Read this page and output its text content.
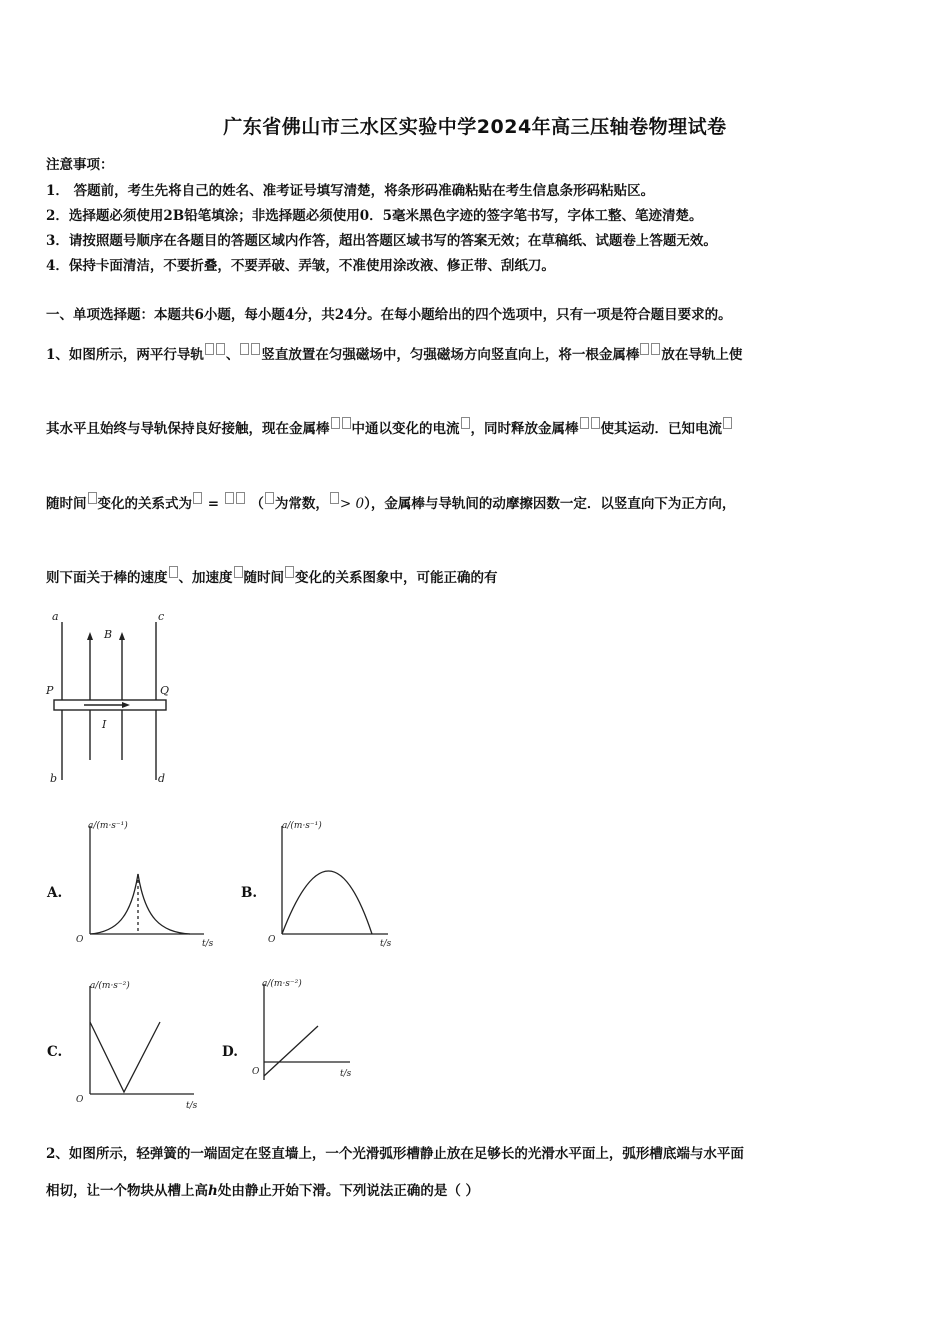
广东省佛山市三水区实验中学2024年高三压轴卷物理试卷
注意事项：
1． 答题前，考生先将自己的姓名、准考证号填写清楚，将条形码准确粘贴在考生信息条形码粘贴区。
2．选择题必须使用2B铅笔填涂；非选择题必须使用0．5毫米黑色字迹的签字笔书写，字体工整、笔迹清楚。
3．请按照题号顺序在各题目的答题区域内作答，超出答题区域书写的答案无效；在草稿纸、试题卷上答题无效。
4．保持卡面清洁，不要折叠，不要弄破、弄皱，不准使用涂改液、修正带、刮纸刀。
一、单项选择题：本题共6小题，每小题4分，共24分。在每小题给出的四个选项中，只有一项是符合题目要求的。
1、如图所示，两平行导轨 、 竖直放置在匀强磁场中，匀强磁场方向竖直向上，将一根金属棒 放在导轨上使
其水平且始终与导轨保持良好接触，现在金属棒 中通以变化的电流 ，同时释放金属棒 使其运动．已知电流
随时间 变化的关系式为 = （ 为常数， > 0），金属棒与导轨间的动摩擦因数一定．以竖直向下为正方向，
则下面关于棒的速度 、加速度 随时间 变化的关系图象中，可能正确的有
a
b
c
d
P	Q
B
I
A.
a/(m·s⁻¹)
t/s
O
B.
a/(m·s⁻¹)
t/s
O
C.
a/(m·s⁻²)
t/s
O
D.
a/(m·s⁻²)
t/s
O
2、如图所示，轻弹簧的一端固定在竖直墙上，一个光滑弧形槽静止放在足够长的光滑水平面上，弧形槽底端与水平面
相切，让一个物块从槽上高h处由静止开始下滑。下列说法正确的是（ ）
